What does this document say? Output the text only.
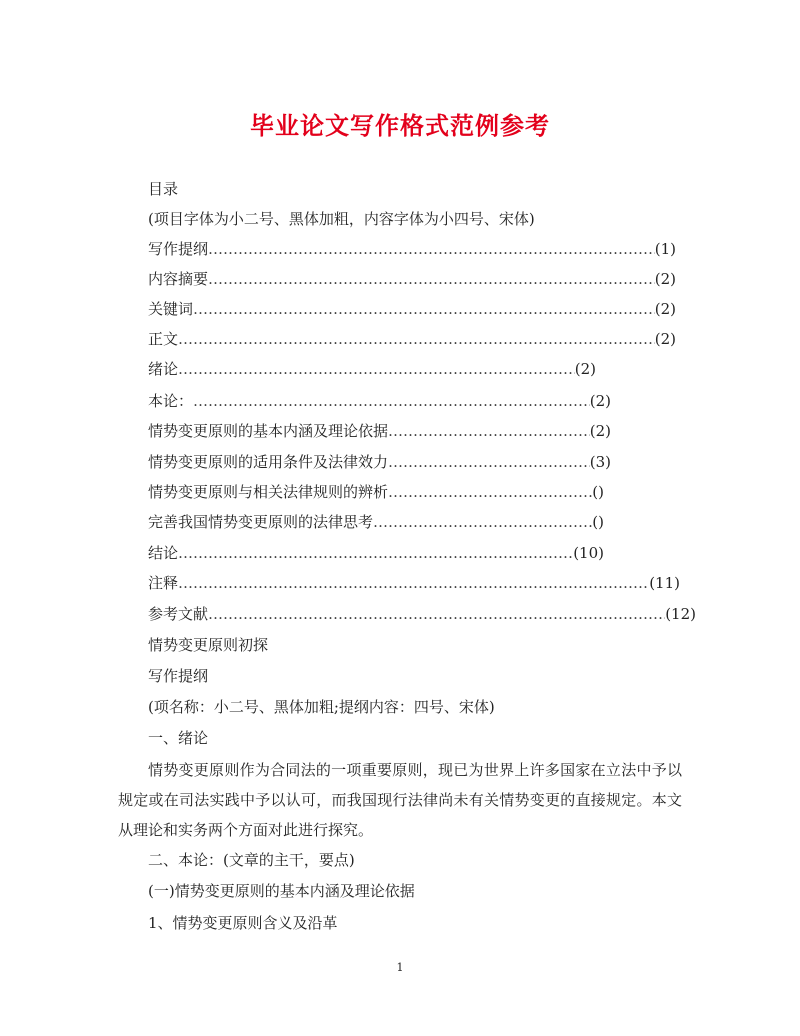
毕业论文写作格式范例参考
目录
(项目字体为小二号、黑体加粗，内容字体为小四号、宋体)
写作提纲 …………………………………………………………………………………………………………………………………………………………………………	(1)
内容摘要 …………………………………………………………………………………………………………………………………………………………………………	(2)
关键词 …………………………………………………………………………………………………………………………………………………………………………	(2)
正文 …………………………………………………………………………………………………………………………………………………………………………	(2)
绪论 …………………………………………………………………………………………………………………………………………………………………………	(2)
本论： …………………………………………………………………………………………………………………………………………………………………………	(2)
情势变更原则的基本内涵及理论依据 …………………………………………………………………………………………………………………………………………………………………………	(2)
情势变更原则的适用条件及法律效力 …………………………………………………………………………………………………………………………………………………………………………	(3)
情势变更原则与相关法律规则的辨析 …………………………………………………………………………………………………………………………………………………………………………	()
完善我国情势变更原则的法律思考 …………………………………………………………………………………………………………………………………………………………………………	()
结论 …………………………………………………………………………………………………………………………………………………………………………	(10)
注释 …………………………………………………………………………………………………………………………………………………………………………	(11)
参考文献 …………………………………………………………………………………………………………………………………………………………………………	(12)
情势变更原则初探
写作提纲
(项名称：小二号、黑体加粗;提纲内容：四号、宋体)
一、绪论
情势变更原则作为合同法的一项重要原则，现已为世界上许多国家在立法中予以规定或在司法实践中予以认可，而我国现行法律尚未有关情势变更的直接规定。本文从理论和实务两个方面对此进行探究。
二、本论：(文章的主干，要点)
(一)情势变更原则的基本内涵及理论依据
1、情势变更原则含义及沿革
1
